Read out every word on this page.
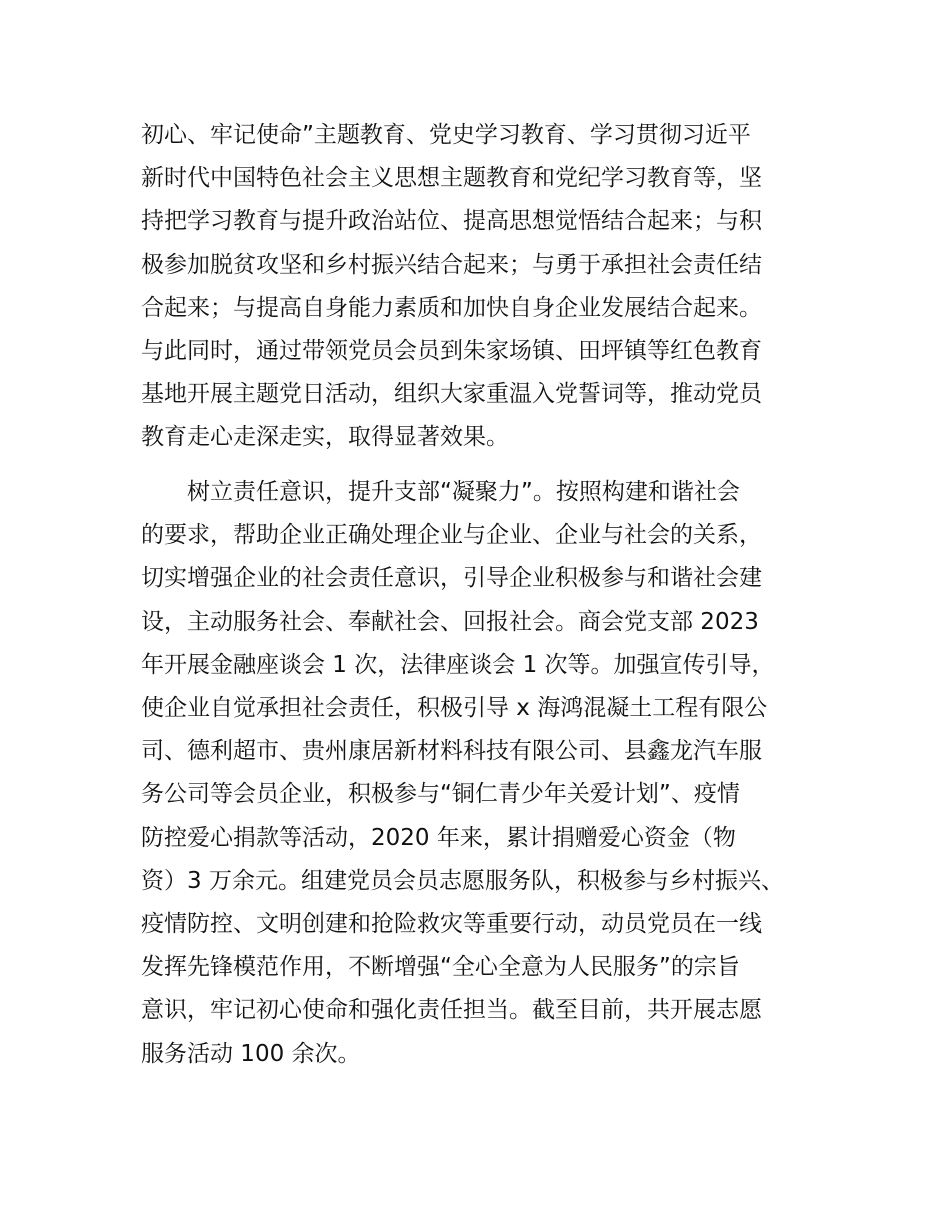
初心、牢记使命”主题教育、党史学习教育、学习贯彻习近平
新时代中国特色社会主义思想主题教育和党纪学习教育等，坚
持把学习教育与提升政治站位、提高思想觉悟结合起来；与积
极参加脱贫攻坚和乡村振兴结合起来；与勇于承担社会责任结
合起来；与提高自身能力素质和加快自身企业发展结合起来。
与此同时，通过带领党员会员到朱家场镇、田坪镇等红色教育
基地开展主题党日活动，组织大家重温入党誓词等，推动党员
教育走心走深走实，取得显著效果。
　　树立责任意识，提升支部“凝聚力”。按照构建和谐社会
的要求，帮助企业正确处理企业与企业、企业与社会的关系，
切实增强企业的社会责任意识，引导企业积极参与和谐社会建
设，主动服务社会、奉献社会、回报社会。商会党支部 2023
年开展金融座谈会 1 次，法律座谈会 1 次等。加强宣传引导，
使企业自觉承担社会责任，积极引导 x 海鸿混凝土工程有限公
司、德利超市、贵州康居新材料科技有限公司、县鑫龙汽车服
务公司等会员企业，积极参与“铜仁青少年关爱计划”、疫情
防控爱心捐款等活动，2020 年来，累计捐赠爱心资金（物
资）3 万余元。组建党员会员志愿服务队，积极参与乡村振兴、
疫情防控、文明创建和抢险救灾等重要行动，动员党员在一线
发挥先锋模范作用，不断增强“全心全意为人民服务”的宗旨
意识，牢记初心使命和强化责任担当。截至目前，共开展志愿
服务活动 100 余次。
